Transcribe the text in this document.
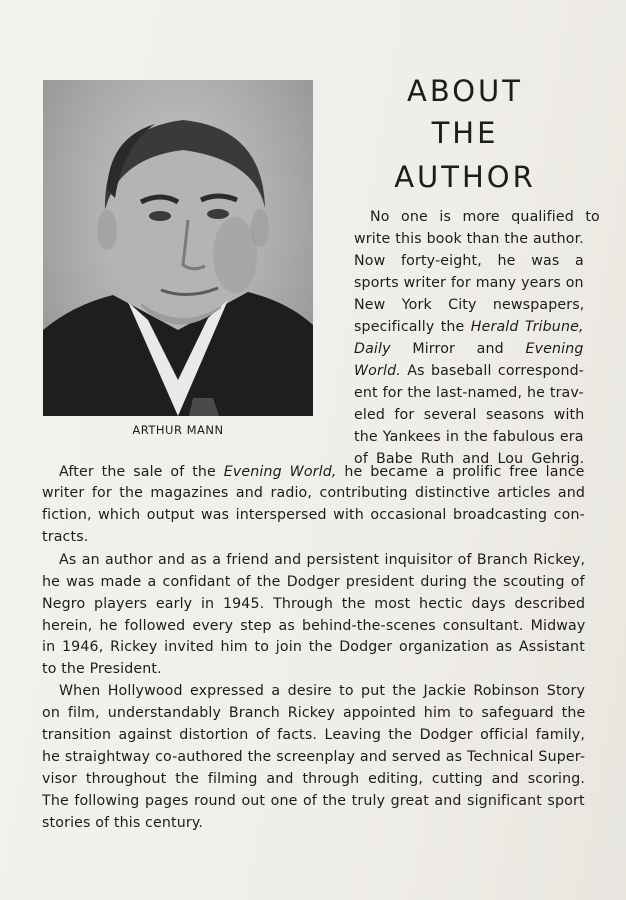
ARTHUR MANN
ABOUT
THE
AUTHOR
No one is more qualified to
write this book than the author.
Now forty-eight, he was a
sports writer for many years on
New York City newspapers,
specifically the Herald Tribune,
Daily Mirror and Evening
World. As baseball correspond-
ent for the last-named, he trav-
eled for several seasons with
the Yankees in the fabulous era
of Babe Ruth and Lou Gehrig.
After the sale of the Evening World, he became a prolific free lance
writer for the magazines and radio, contributing distinctive articles and
fiction, which output was interspersed with occasional broadcasting con-
tracts.
As an author and as a friend and persistent inquisitor of Branch Rickey,
he was made a confidant of the Dodger president during the scouting of
Negro players early in 1945. Through the most hectic days described
herein, he followed every step as behind-the-scenes consultant. Midway
in 1946, Rickey invited him to join the Dodger organization as Assistant
to the President.
When Hollywood expressed a desire to put the Jackie Robinson Story
on film, understandably Branch Rickey appointed him to safeguard the
transition against distortion of facts. Leaving the Dodger official family,
he straightway co-authored the screenplay and served as Technical Super-
visor throughout the filming and through editing, cutting and scoring.
The following pages round out one of the truly great and significant sport
stories of this century.
